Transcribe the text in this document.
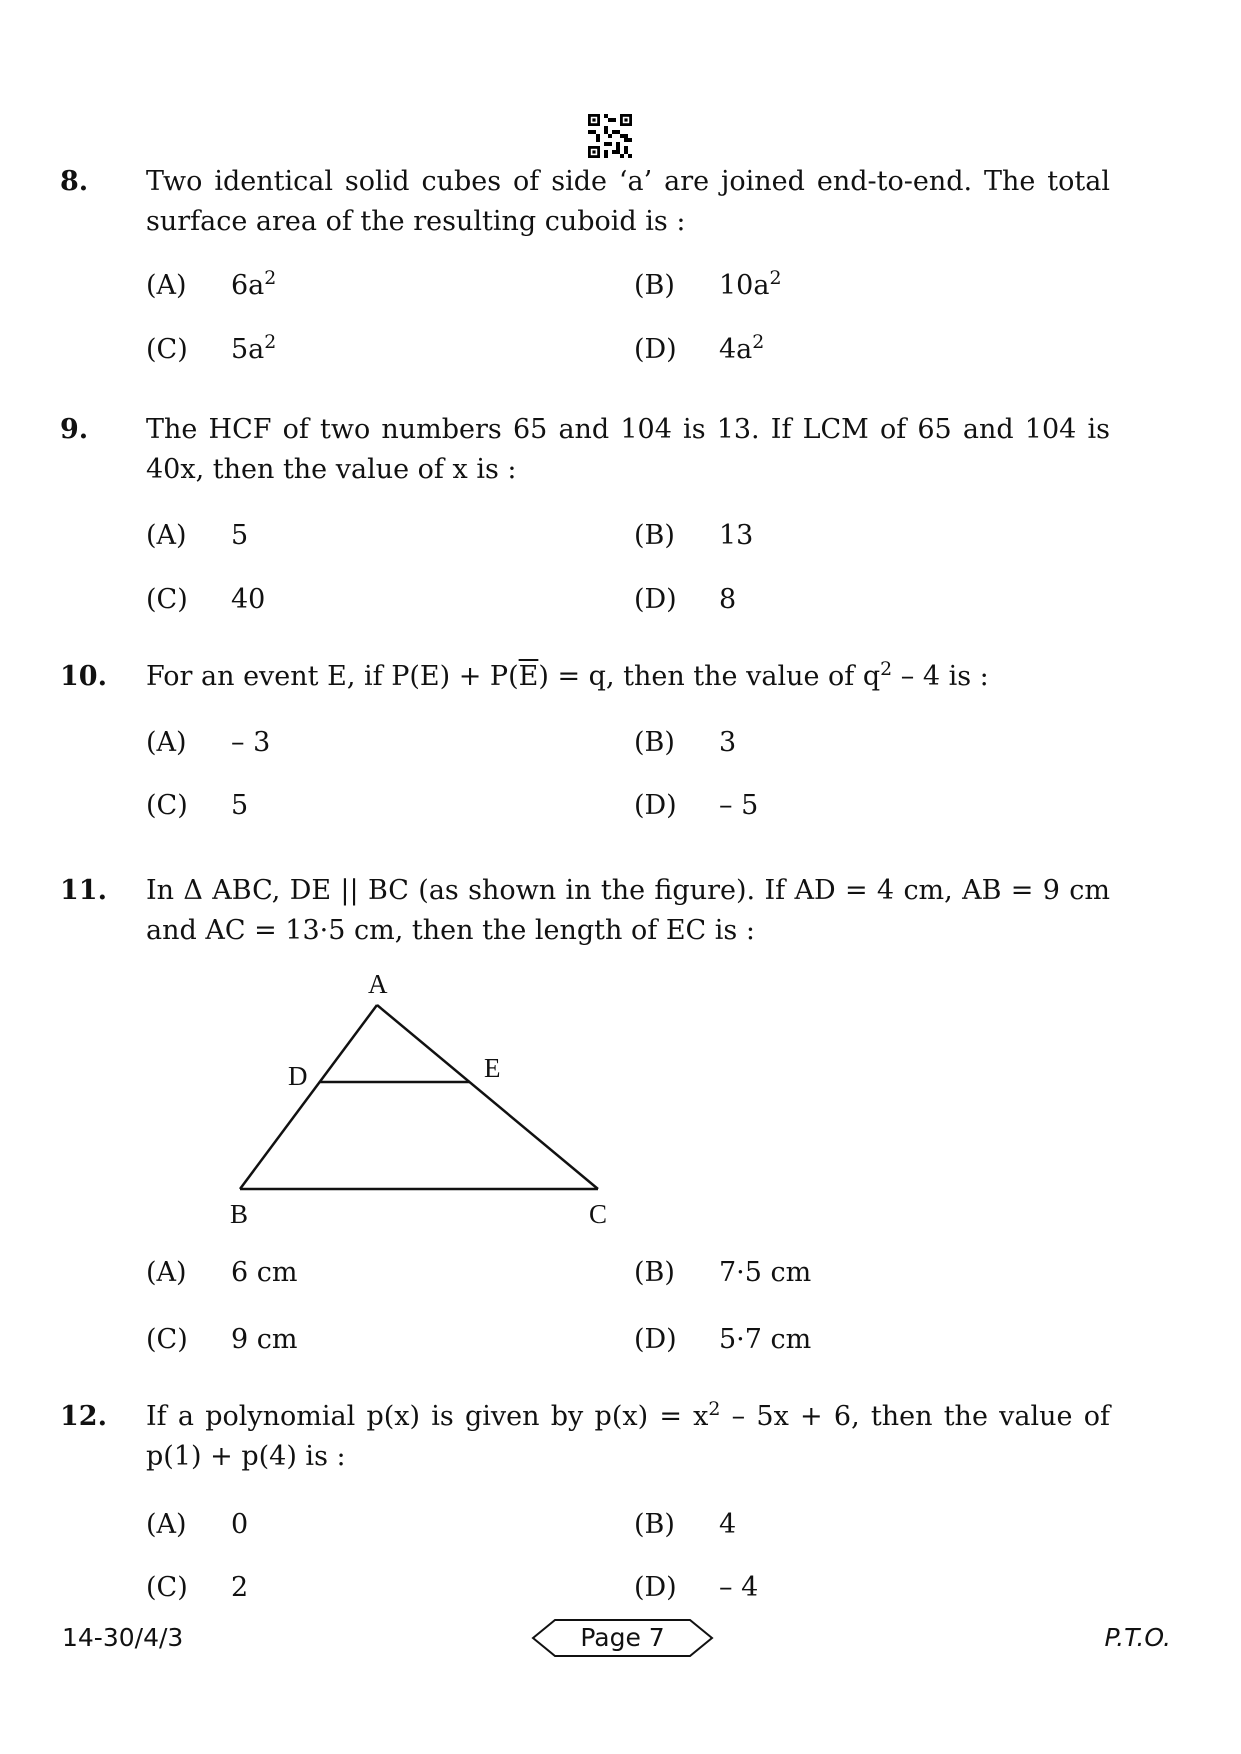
8. Two identical solid cubes of side ‘a’ are joined end-to-end. The total surface area of the resulting cuboid is :
(A) $6a^2$	(B) $10a^2$
(C) $5a^2$	(D) $4a^2$
9. The HCF of two numbers 65 and 104 is 13. If LCM of 65 and 104 is 40x, then the value of x is :
(A) 5	(B) 13
(C) 40	(D) 8
10. For an event E, if $P(E) + P(\overline{E}) = q$, then the value of $q^2 - 4$ is :
(A) – 3	(B) 3
(C) 5	(D) – 5
11. In Δ ABC, DE || BC (as shown in the figure). If AD = 4 cm, AB = 9 cm and AC = 13·5 cm, then the length of EC is :
A
D	E
B	C
(A) 6 cm	(B) 7·5 cm
(C) 9 cm	(D) 5·7 cm
12. If a polynomial p(x) is given by $p(x) = x^2 - 5x + 6$, then the value of p(1) + p(4) is :
(A) 0	(B) 4
(C) 2	(D) – 4
14-30/4/3	Page 7	P.T.O.
